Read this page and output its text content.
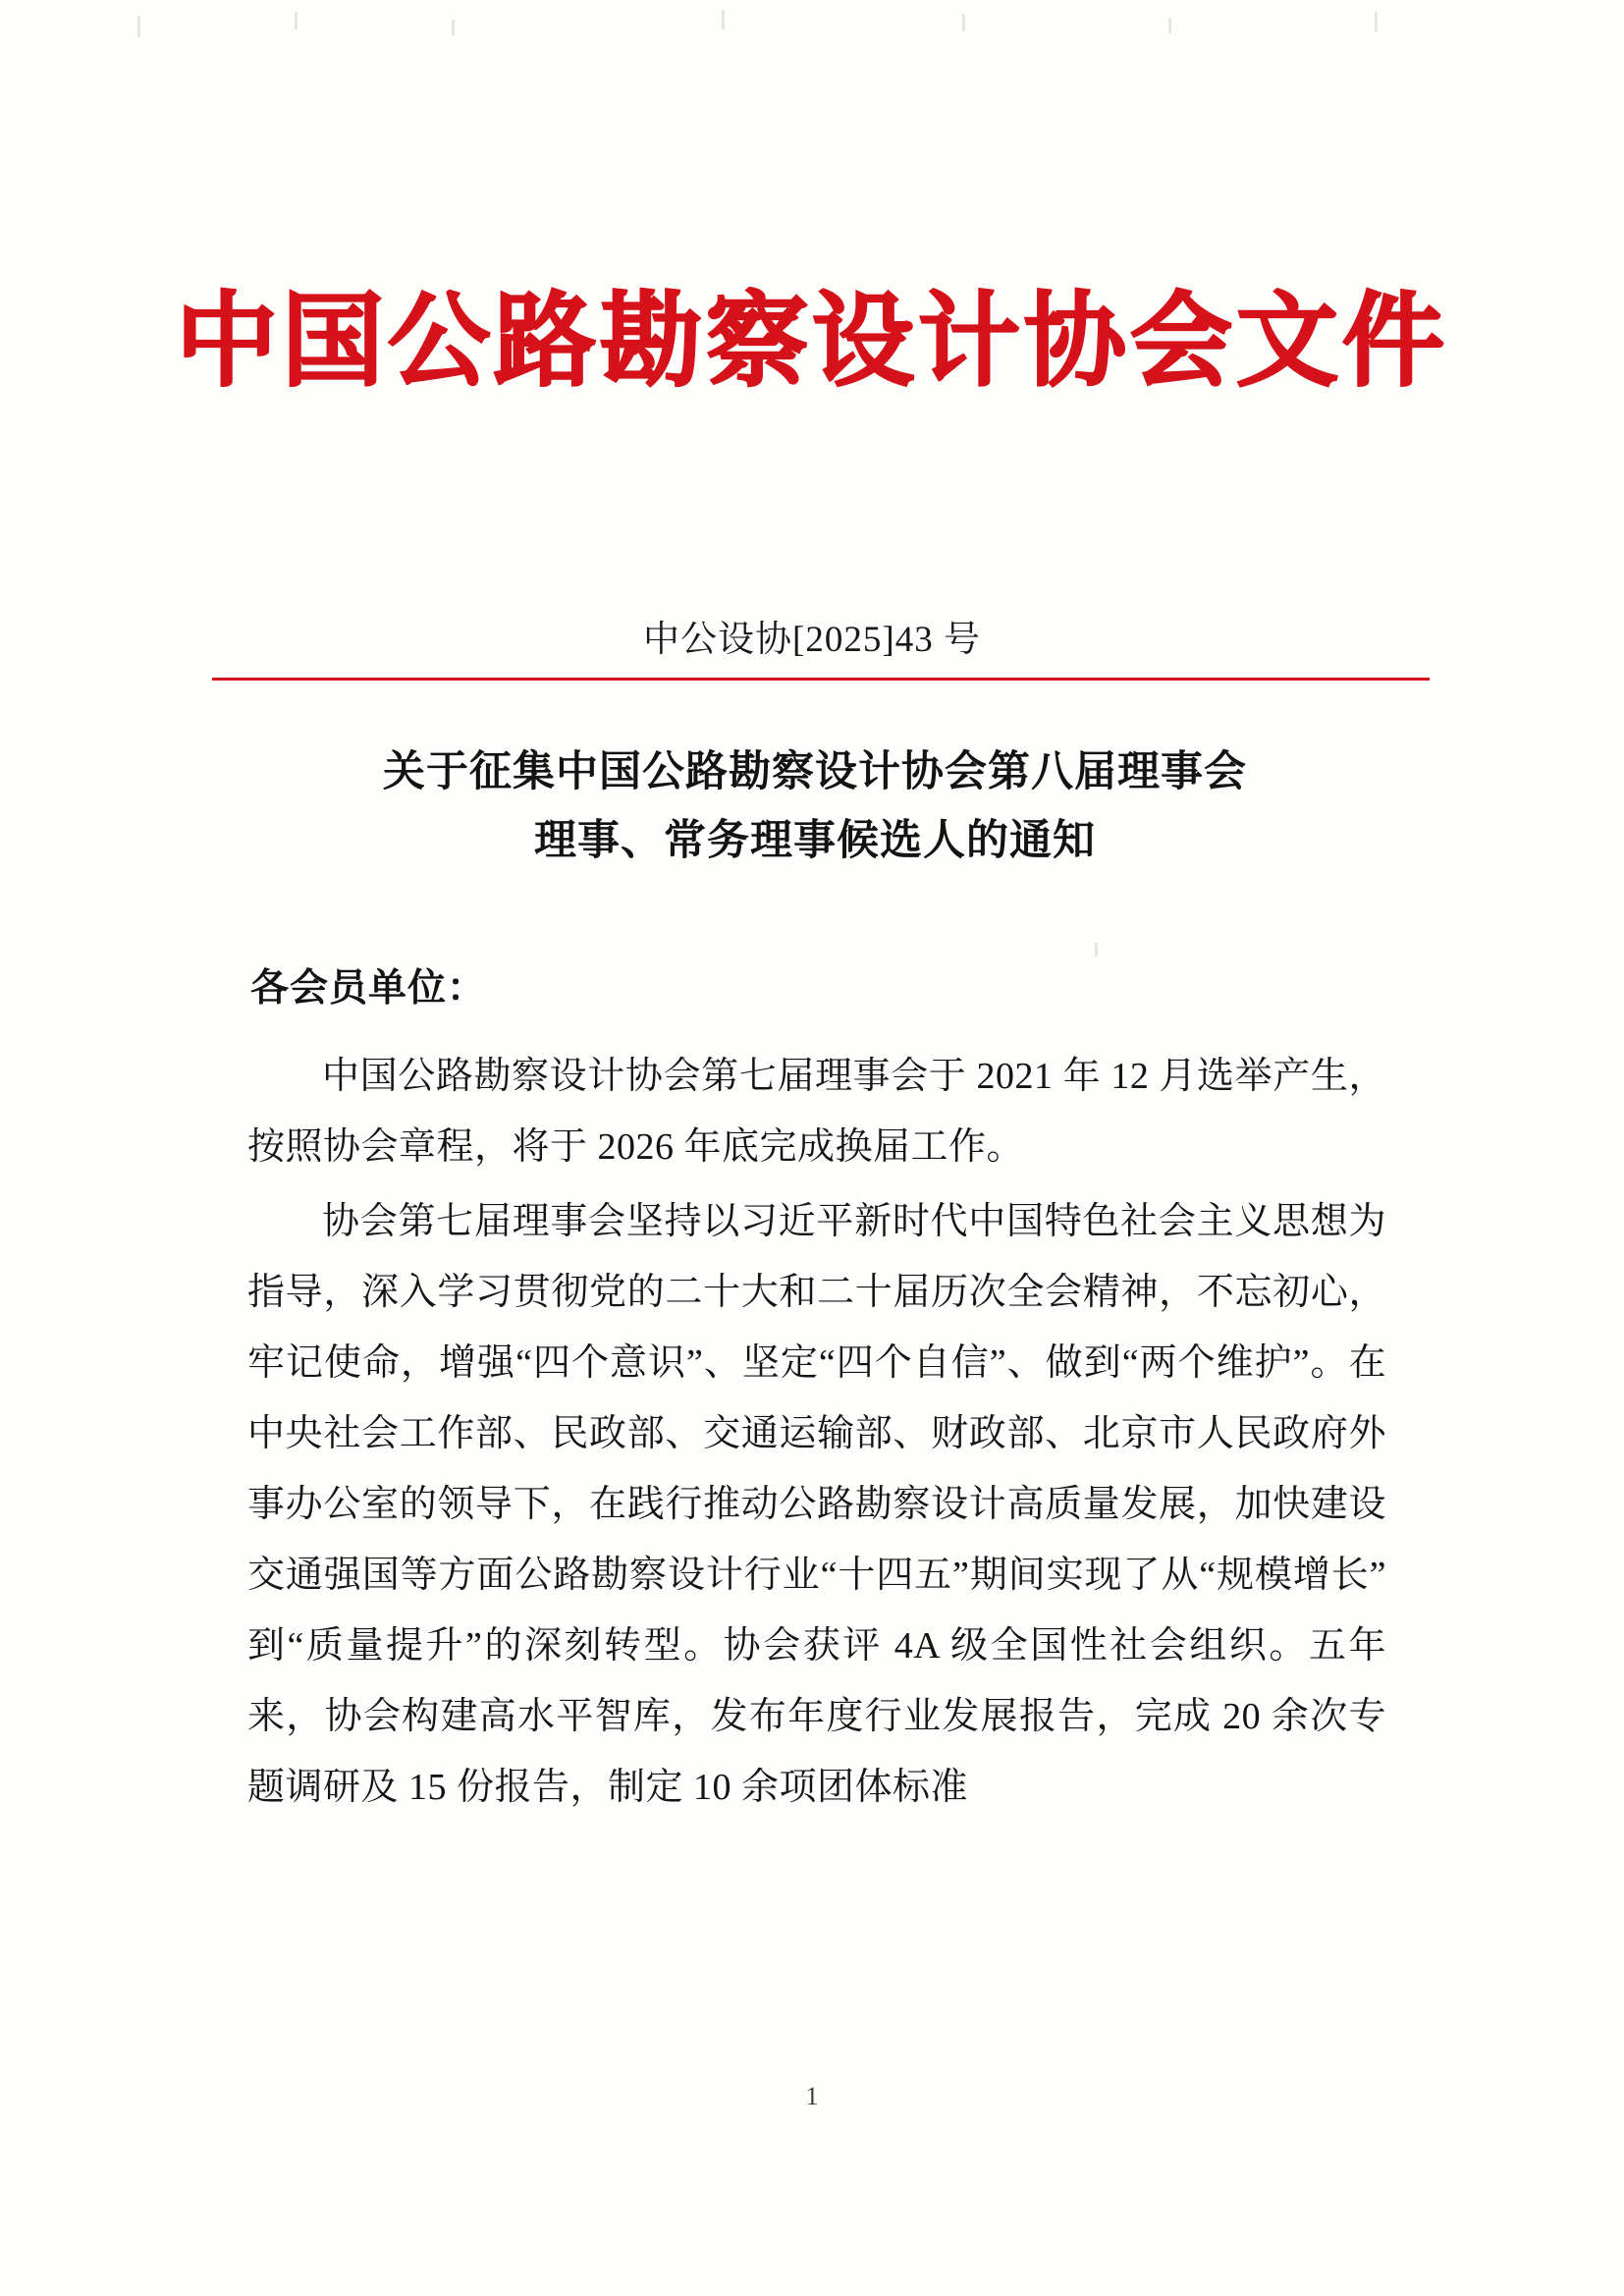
中国公路勘察设计协会文件
中公设协[2025]43 号
关于征集中国公路勘察设计协会第八届理事会
理事、常务理事候选人的通知
各会员单位：

中国公路勘察设计协会第七届理事会于 2021 年 12 月选举产生，按照协会章程，将于 2026 年底完成换届工作。

协会第七届理事会坚持以习近平新时代中国特色社会主义思想为指导，深入学习贯彻党的二十大和二十届历次全会精神，不忘初心，牢记使命，增强“四个意识”、坚定“四个自信”、做到“两个维护”。在中央社会工作部、民政部、交通运输部、财政部、北京市人民政府外事办公室的领导下，在践行推动公路勘察设计高质量发展，加快建设交通强国等方面公路勘察设计行业“十四五”期间实现了从“规模增长”到“质量提升”的深刻转型。协会获评 4A 级全国性社会组织。五年来，协会构建高水平智库，发布年度行业发展报告，完成 20 余次专题调研及 15 份报告，制定 10 余项团体标准

1
